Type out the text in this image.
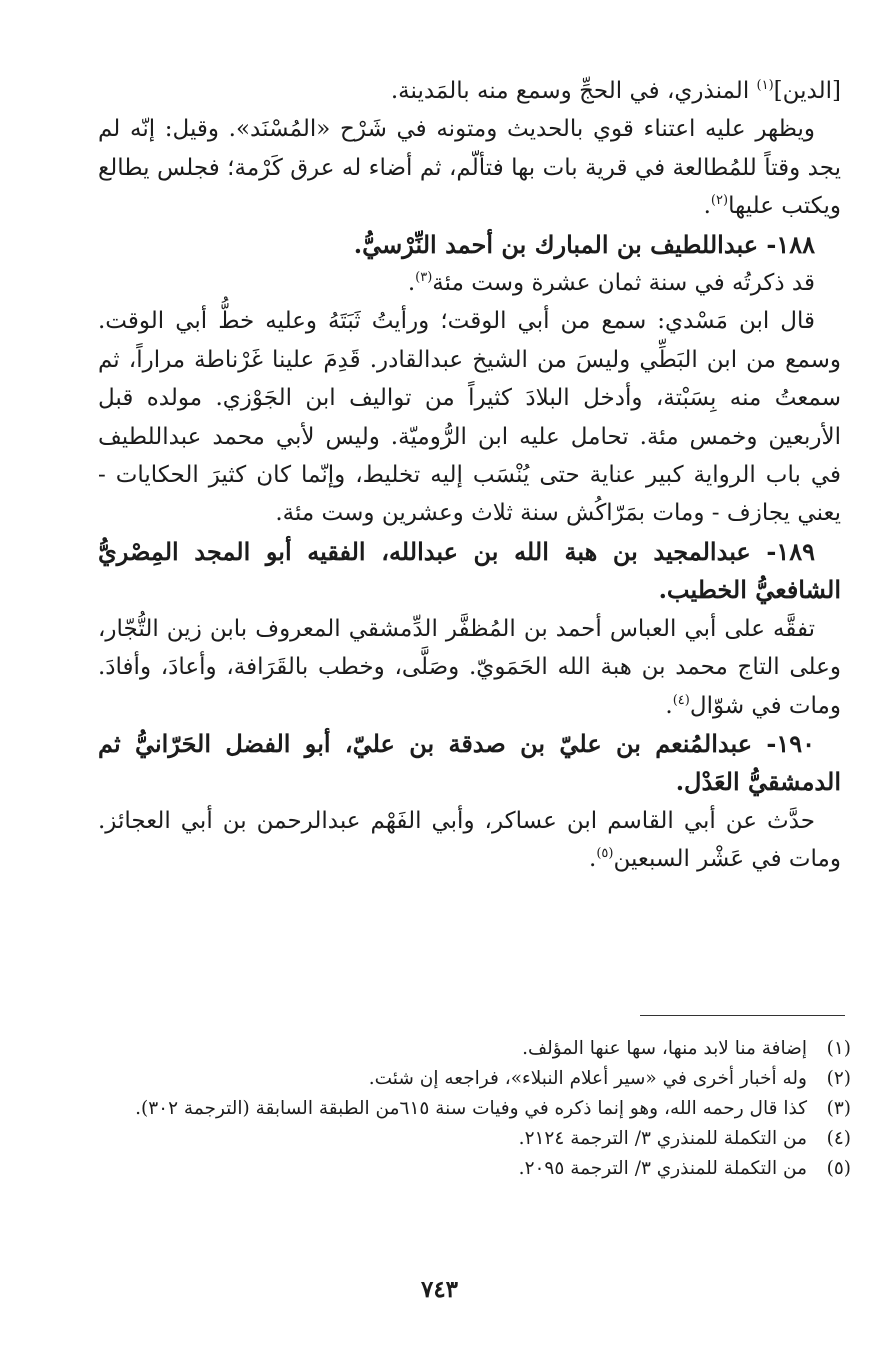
[الدين]$^{(١)}$ المنذري، في الحجِّ وسمع منه بالمَدينة.

ويظهر عليه اعتناء قوي بالحديث ومتونه في شَرْح «المُسْنَد». وقيل: إنّه لم يجد وقتاً للمُطالعة في قرية بات بها فتألّم، ثم أضاء له عرق كَرْمة؛ فجلس يطالع ويكتب عليها$^{(٢)}$.

١٨٨- عبداللطيف بن المبارك بن أحمد النِّرْسيُّ.

قد ذكرتُه في سنة ثمان عشرة وست مئة$^{(٣)}$.

قال ابن مَسْدي: سمع من أبي الوقت؛ ورأيتُ ثَبَتَهُ وعليه خطُّ أبي الوقت. وسمع من ابن البَطِّي وليسَ من الشيخ عبدالقادر. قَدِمَ علينا غَرْناطة مراراً، ثم سمعتُ منه بِسَبْتة، وأدخل البلادَ كثيراً من تواليف ابن الجَوْزي. مولده قبل الأربعين وخمس مئة. تحامل عليه ابن الرُّوميّة. وليس لأبي محمد عبداللطيف في باب الرواية كبير عناية حتى يُنْسَب إليه تخليط، وإنّما كان كثيرَ الحكايات - يعني يجازف - ومات بمَرّاكُش سنة ثلاث وعشرين وست مئة.

١٨٩- عبدالمجيد بن هبة الله بن عبدالله، الفقيه أبو المجد المِصْريُّ الشافعيُّ الخطيب.

تفقَّه على أبي العباس أحمد بن المُظفَّر الدِّمشقي المعروف بابن زين التُّجّار، وعلى التاج محمد بن هبة الله الحَمَويّ. وصَلَّى، وخطب بالقَرَافة، وأعادَ، وأفادَ. ومات في شوّال$^{(٤)}$.

١٩٠- عبدالمُنعم بن عليّ بن صدقة بن عليّ، أبو الفضل الحَرّانيُّ ثم الدمشقيُّ العَدْل.

حدَّث عن أبي القاسم ابن عساكر، وأبي الفَهْم عبدالرحمن بن أبي العجائز. ومات في عَشْر السبعين$^{(٥)}$.

(١)
إضافة منا لابد منها، سها عنها المؤلف.
(٢)
وله أخبار أخرى في «سير أعلام النبلاء»، فراجعه إن شئت.
(٣)
كذا قال رحمه الله، وهو إنما ذكره في وفيات سنة ٦١٥من الطبقة السابقة (الترجمة ٣٠٢).
(٤)
من التكملة للمنذري ٣/ الترجمة ٢١٢٤.
(٥)
من التكملة للمنذري ٣/ الترجمة ٢٠٩٥.
٧٤٣
